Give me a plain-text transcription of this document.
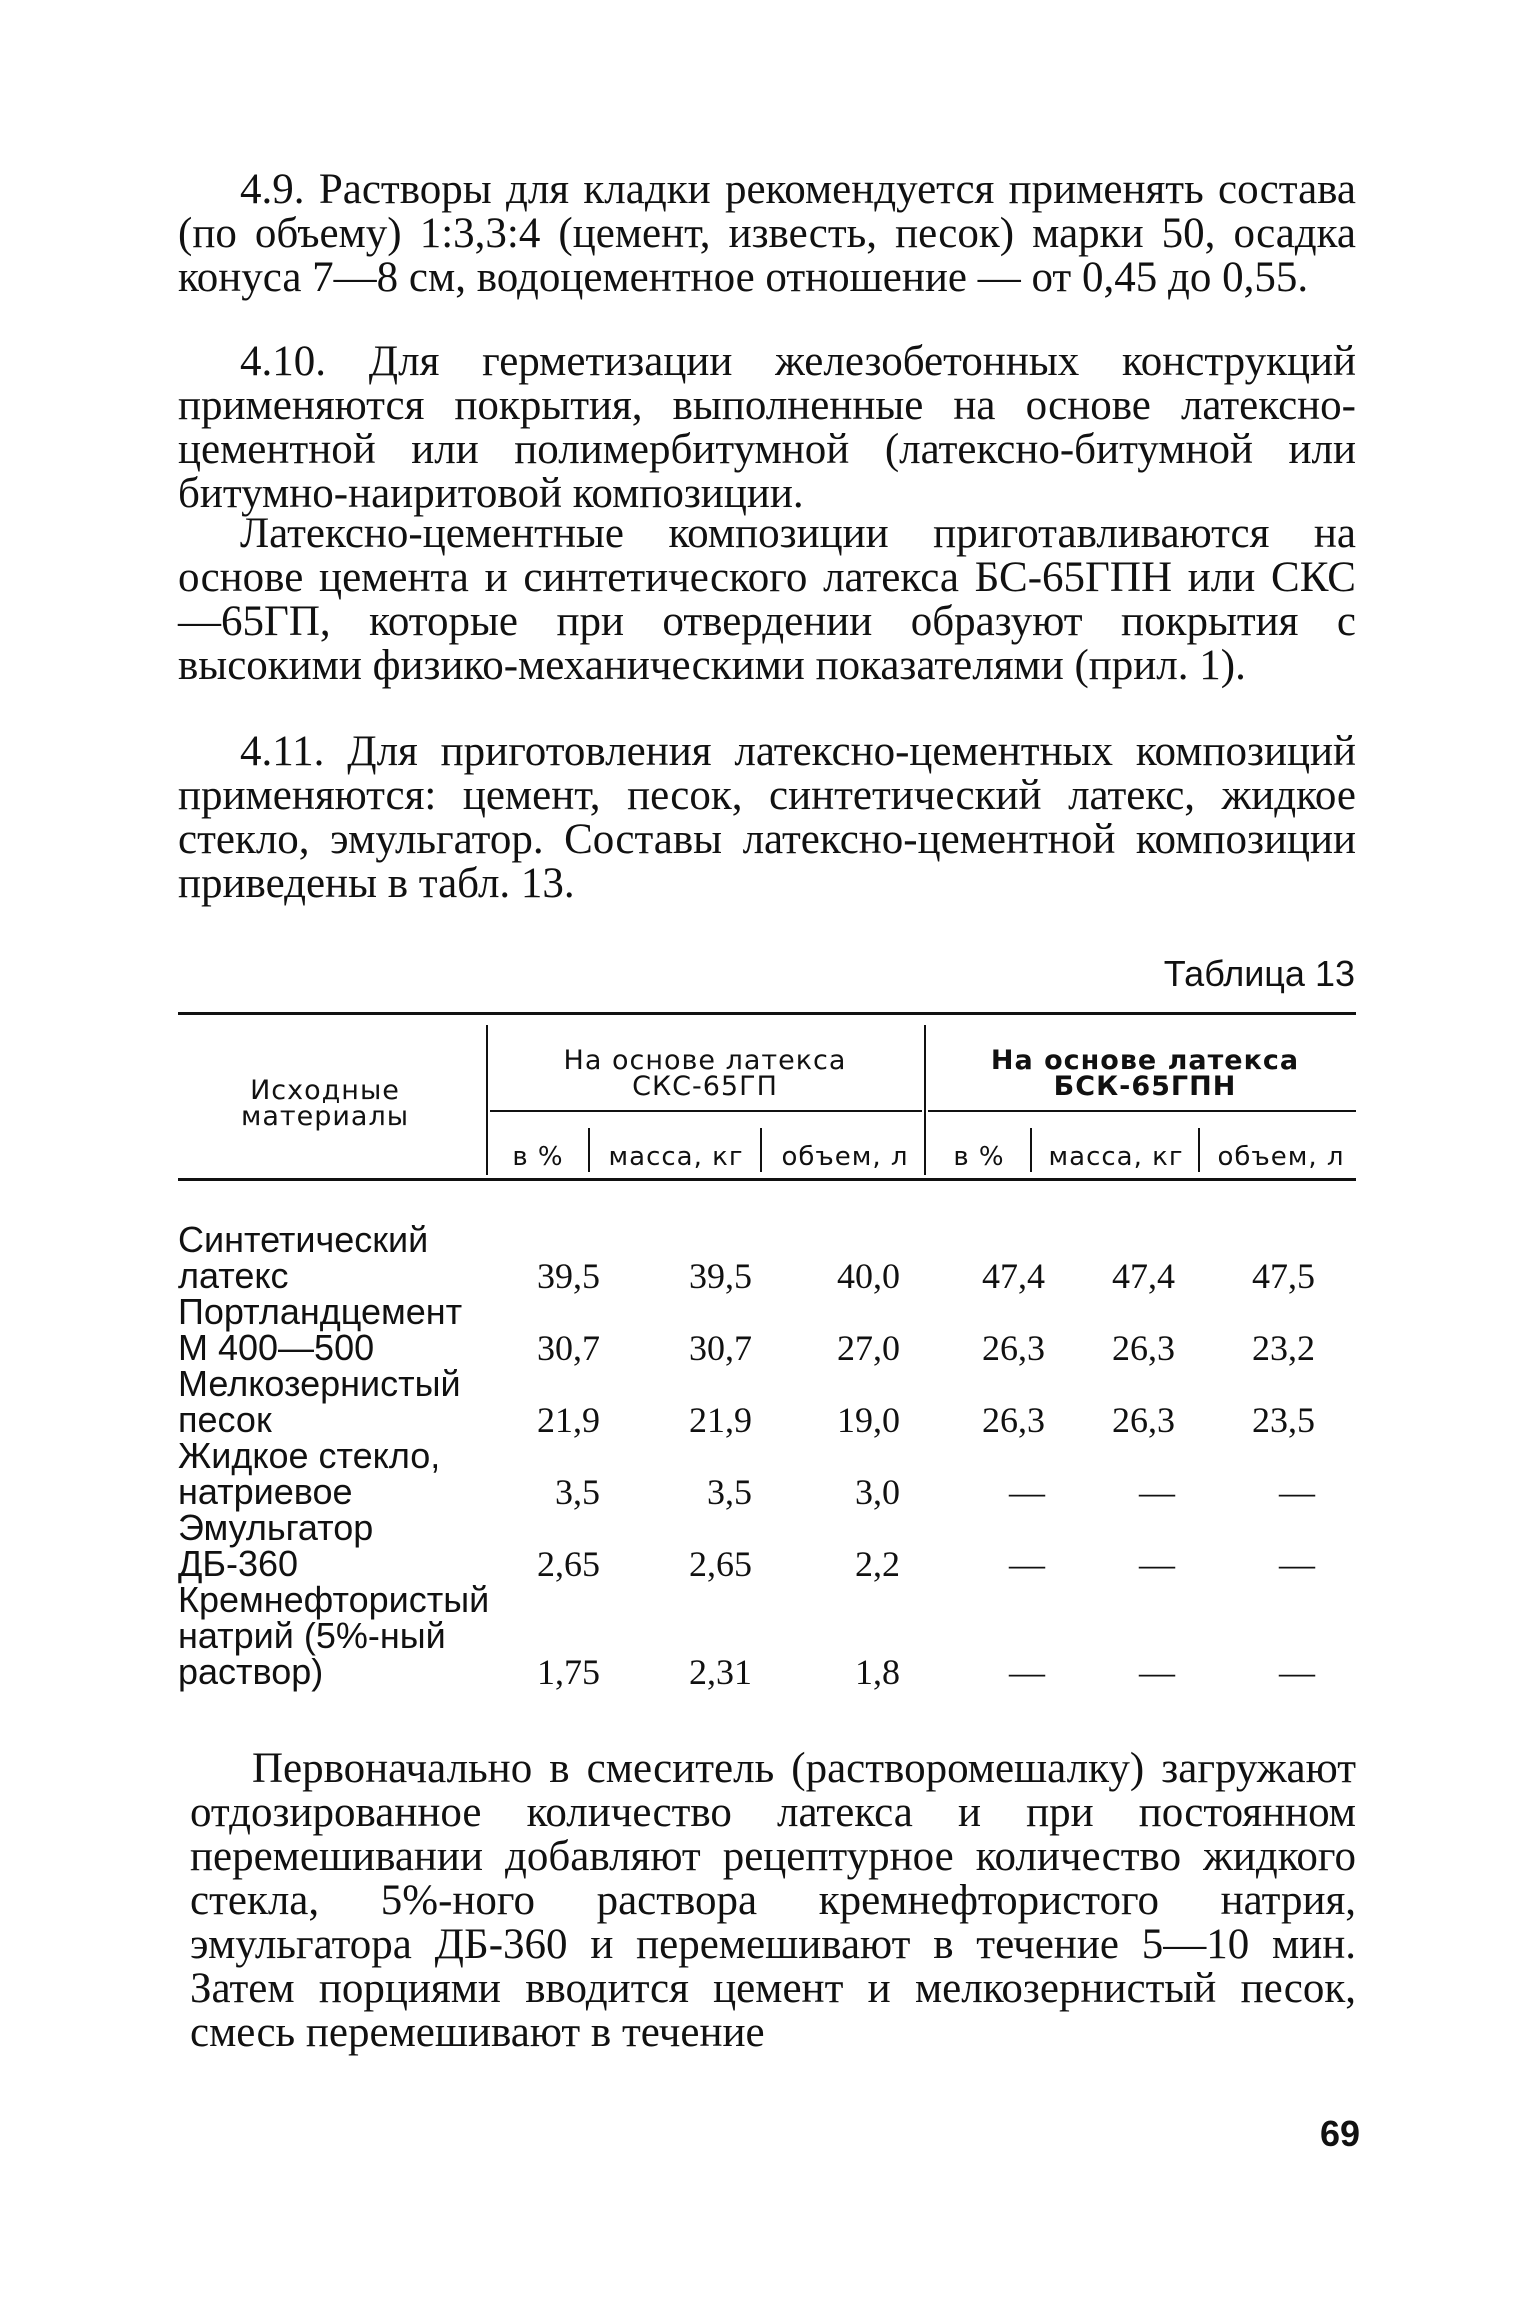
4.9. Растворы для кладки рекомендуется применять состава (по объему) 1:3,3:4 (цемент, известь, песок) марки 50, осадка конуса 7—8 см, водоцементное отношение — от 0,45 до 0,55.

4.10. Для герметизации железобетонных конструкций применяются покрытия, выполненные на основе латексно-цементной или полимербитумной (латексно-битумной или битумно-наиритовой композиции.

Латексно-цементные композиции приготавливаются на основе цемента и синтетического латекса БС-65ГПН или СКС—65ГП, которые при отвердении образуют покрытия с высокими физико-механическими показателями (прил. 1).

4.11. Для приготовления латексно-цементных композиций применяются: цемент, песок, синтетический латекс, жидкое стекло, эмульгатор. Составы латексно-цементной композиции приведены в табл. 13.

Таблица 13
Исходные материалы
На основе латекса СКС-65ГП
На основе латекса БСК-65ГПН
в %	масса, кг	объем, л	в %	масса, кг	объем, л
Синтетический
латекс	39,5	39,5	40,0	47,4	47,4	47,5
Портландцемент
М 400—500	30,7	30,7	27,0	26,3	26,3	23,2
Мелкозернистый
песок	21,9	21,9	19,0	26,3	26,3	23,5
Жидкое стекло,
натриевое	3,5	3,5	3,0	—	—	—
Эмульгатор
ДБ-360	2,65	2,65	2,2	—	—	—
Кремнефтористый
натрий (5%-ный
раствор)	1,75	2,31	1,8	—	—	—

Первоначально в смеситель (растворомешалку) загружают отдозированное количество латекса и при постоянном перемешивании добавляют рецептурное количество жидкого стекла, 5%-ного раствора кремнефтористого натрия, эмульгатора ДБ-360 и перемешивают в течение 5—10 мин. Затем порциями вводится цемент и мелкозернистый песок, смесь перемешивают в течение

69
